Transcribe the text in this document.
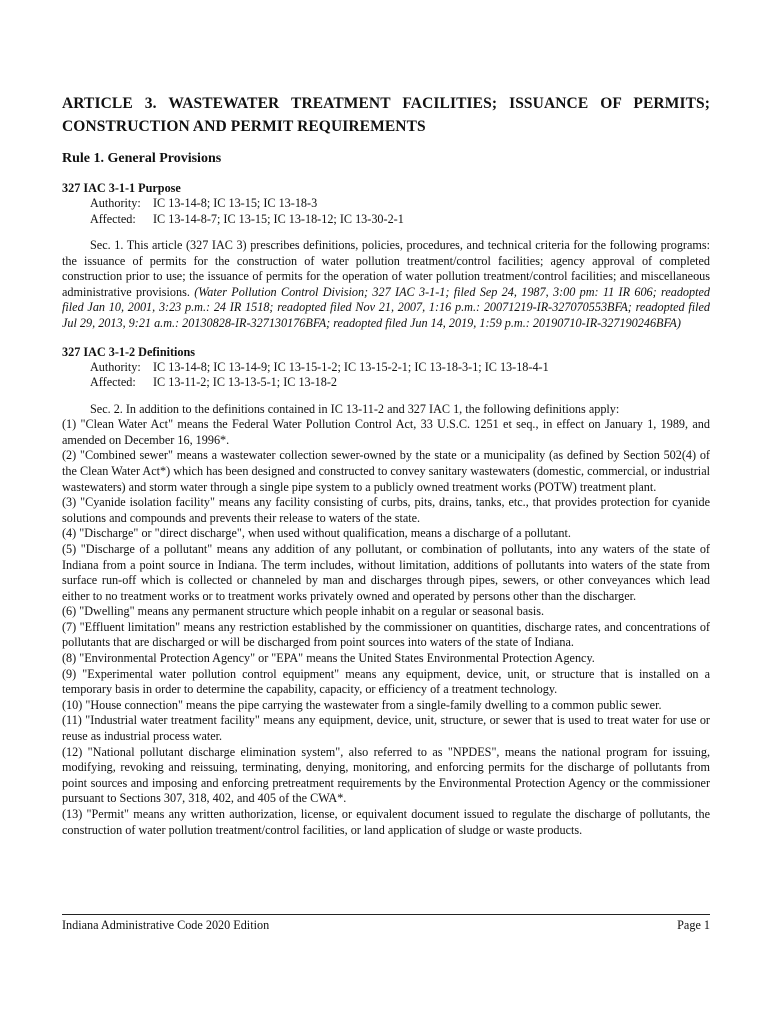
ARTICLE 3. WASTEWATER TREATMENT FACILITIES; ISSUANCE OF PERMITS; CONSTRUCTION AND PERMIT REQUIREMENTS

Rule 1. General Provisions

327 IAC 3-1-1 Purpose

Authority:	IC 13-14-8; IC 13-15; IC 13-18-3
Affected:	IC 13-14-8-7; IC 13-15; IC 13-18-12; IC 13-30-2-1

Sec. 1. This article (327 IAC 3) prescribes definitions, policies, procedures, and technical criteria for the following programs: the issuance of permits for the construction of water pollution treatment/control facilities; agency approval of completed construction prior to use; the issuance of permits for the operation of water pollution treatment/control facilities; and miscellaneous administrative provisions. (Water Pollution Control Division; 327 IAC 3-1-1; filed Sep 24, 1987, 3:00 pm: 11 IR 606; readopted filed Jan 10, 2001, 3:23 p.m.: 24 IR 1518; readopted filed Nov 21, 2007, 1:16 p.m.: 20071219-IR-327070553BFA; readopted filed Jul 29, 2013, 9:21 a.m.: 20130828-IR-327130176BFA; readopted filed Jun 14, 2019, 1:59 p.m.: 20190710-IR-327190246BFA)

327 IAC 3-1-2 Definitions

Authority:	IC 13-14-8; IC 13-14-9; IC 13-15-1-2; IC 13-15-2-1; IC 13-18-3-1; IC 13-18-4-1
Affected:	IC 13-11-2; IC 13-13-5-1; IC 13-18-2

Sec. 2. In addition to the definitions contained in IC 13-11-2 and 327 IAC 1, the following definitions apply:

(1) "Clean Water Act" means the Federal Water Pollution Control Act, 33 U.S.C. 1251 et seq., in effect on January 1, 1989, and amended on December 16, 1996*.

(2) "Combined sewer" means a wastewater collection sewer-owned by the state or a municipality (as defined by Section 502(4) of the Clean Water Act*) which has been designed and constructed to convey sanitary wastewaters (domestic, commercial, or industrial wastewaters) and storm water through a single pipe system to a publicly owned treatment works (POTW) treatment plant.

(3) "Cyanide isolation facility" means any facility consisting of curbs, pits, drains, tanks, etc., that provides protection for cyanide solutions and compounds and prevents their release to waters of the state.

(4) "Discharge" or "direct discharge", when used without qualification, means a discharge of a pollutant.

(5) "Discharge of a pollutant" means any addition of any pollutant, or combination of pollutants, into any waters of the state of Indiana from a point source in Indiana. The term includes, without limitation, additions of pollutants into waters of the state from surface run-off which is collected or channeled by man and discharges through pipes, sewers, or other conveyances which lead either to no treatment works or to treatment works privately owned and operated by persons other than the discharger.

(6) "Dwelling" means any permanent structure which people inhabit on a regular or seasonal basis.

(7) "Effluent limitation" means any restriction established by the commissioner on quantities, discharge rates, and concentrations of pollutants that are discharged or will be discharged from point sources into waters of the state of Indiana.

(8) "Environmental Protection Agency" or "EPA" means the United States Environmental Protection Agency.

(9) "Experimental water pollution control equipment" means any equipment, device, unit, or structure that is installed on a temporary basis in order to determine the capability, capacity, or efficiency of a treatment technology.

(10) "House connection" means the pipe carrying the wastewater from a single-family dwelling to a common public sewer.

(11) "Industrial water treatment facility" means any equipment, device, unit, structure, or sewer that is used to treat water for use or reuse as industrial process water.

(12) "National pollutant discharge elimination system", also referred to as "NPDES", means the national program for issuing, modifying, revoking and reissuing, terminating, denying, monitoring, and enforcing permits for the discharge of pollutants from point sources and imposing and enforcing pretreatment requirements by the Environmental Protection Agency or the commissioner pursuant to Sections 307, 318, 402, and 405 of the CWA*.

(13) "Permit" means any written authorization, license, or equivalent document issued to regulate the discharge of pollutants, the construction of water pollution treatment/control facilities, or land application of sludge or waste products.

Indiana Administrative Code 2020 Edition	Page 1
